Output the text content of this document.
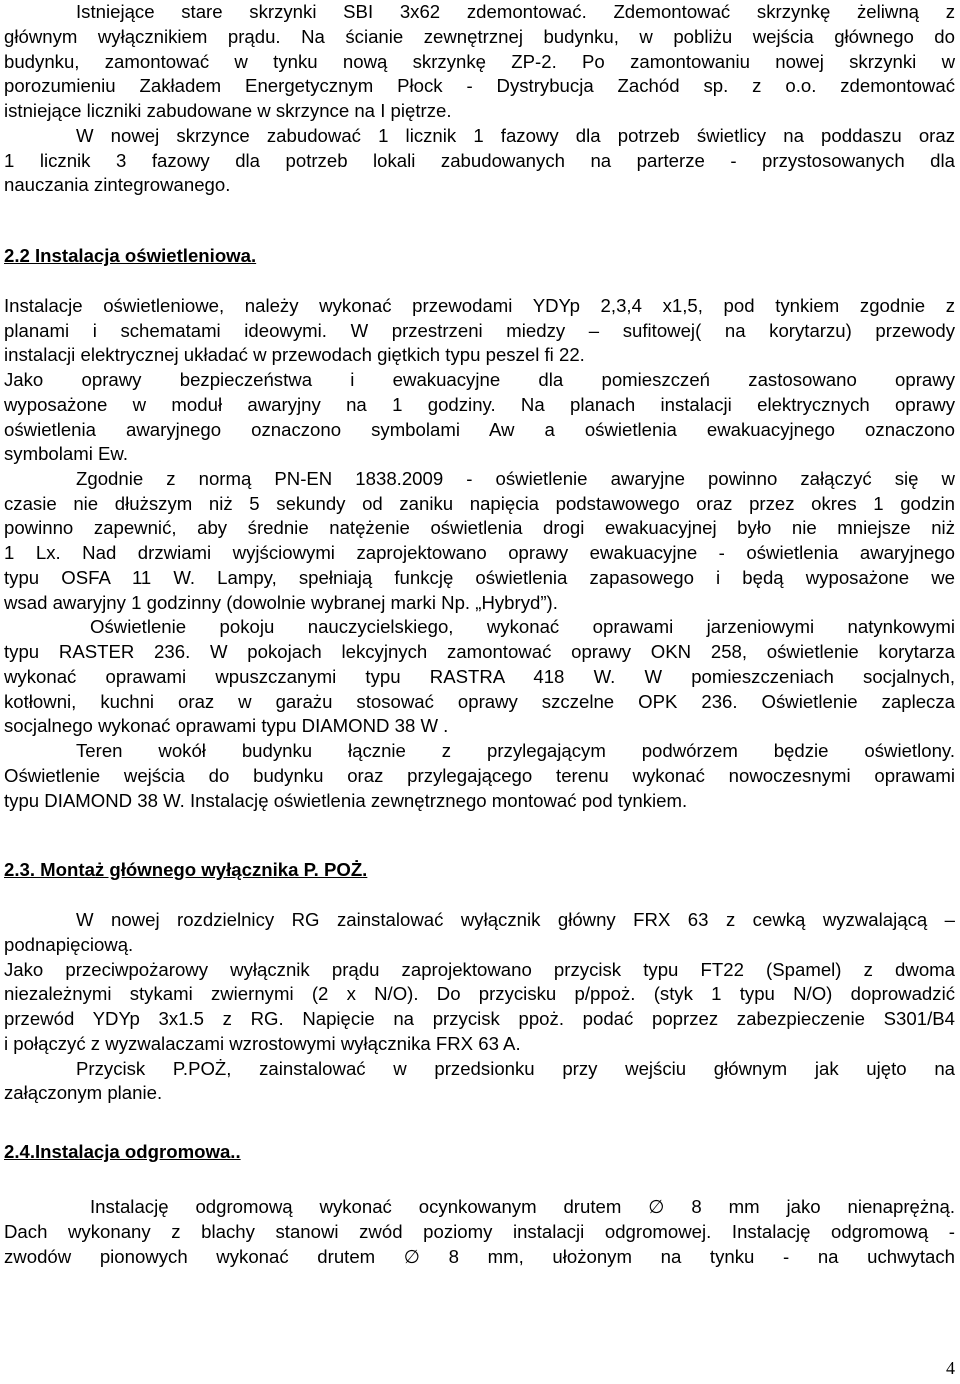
Istniejące stare skrzynki SBI 3x62 zdemontować. Zdemontować skrzynkę żeliwną z
głównym wyłącznikiem prądu. Na ścianie zewnętrznej budynku, w pobliżu wejścia głównego do
budynku, zamontować w tynku nową skrzynkę ZP-2. Po zamontowaniu nowej skrzynki w
porozumieniu Zakładem Energetycznym Płock - Dystrybucja Zachód sp. z o.o. zdemontować
istniejące liczniki zabudowane w skrzynce na I piętrze.
W nowej skrzynce zabudować 1 licznik 1 fazowy dla potrzeb świetlicy na poddaszu oraz
1 licznik 3 fazowy dla potrzeb lokali zabudowanych na parterze - przystosowanych dla
nauczania zintegrowanego.
2.2 Instalacja oświetleniowa.
Instalacje oświetleniowe, należy wykonać przewodami YDYp 2,3,4 x1,5, pod tynkiem zgodnie z
planami i schematami ideowymi. W przestrzeni miedzy – sufitowej( na korytarzu) przewody
instalacji elektrycznej układać w przewodach giętkich typu peszel fi 22.
Jako oprawy bezpieczeństwa i ewakuacyjne dla pomieszczeń zastosowano oprawy
wyposażone w moduł awaryjny na 1 godziny. Na planach instalacji elektrycznych oprawy
oświetlenia awaryjnego oznaczono symbolami Aw a oświetlenia ewakuacyjnego oznaczono
symbolami Ew.
Zgodnie z normą PN-EN 1838.2009 - oświetlenie awaryjne powinno załączyć się w
czasie nie dłuższym niż 5 sekundy od zaniku napięcia podstawowego oraz przez okres 1 godzin
powinno zapewnić, aby średnie natężenie oświetlenia drogi ewakuacyjnej było nie mniejsze niż
1 Lx. Nad drzwiami wyjściowymi zaprojektowano oprawy ewakuacyjne - oświetlenia awaryjnego
typu OSFA 11 W. Lampy, spełniają funkcję oświetlenia zapasowego i będą wyposażone we
wsad awaryjny 1 godzinny (dowolnie wybranej marki Np. „Hybryd”).
Oświetlenie pokoju nauczycielskiego, wykonać oprawami jarzeniowymi natynkowymi
typu RASTER 236. W pokojach lekcyjnych zamontować oprawy OKN 258, oświetlenie korytarza
wykonać oprawami wpuszczanymi typu RASTRA 418 W. W pomieszczeniach socjalnych,
kotłowni, kuchni oraz w garażu stosować oprawy szczelne OPK 236. Oświetlenie zaplecza
socjalnego wykonać oprawami typu DIAMOND 38 W .
Teren wokół budynku łącznie z przylegającym podwórzem będzie oświetlony.
Oświetlenie wejścia do budynku oraz przylegającego terenu wykonać nowoczesnymi oprawami
typu DIAMOND 38 W. Instalację oświetlenia zewnętrznego montować pod tynkiem.
2.3. Montaż głównego wyłącznika P. POŻ.
W nowej rozdzielnicy RG zainstalować wyłącznik główny FRX 63 z cewką wyzwalającą –
podnapięciową.
Jako przeciwpożarowy wyłącznik prądu zaprojektowano przycisk typu FT22 (Spamel) z dwoma
niezależnymi stykami zwiernymi (2 x N/O). Do przycisku p/ppoż. (styk 1 typu N/O) doprowadzić
przewód YDYp 3x1.5 z RG. Napięcie na przycisk ppoż. podać poprzez zabezpieczenie S301/B4
i połączyć z wyzwalaczami wzrostowymi wyłącznika FRX 63 A.
Przycisk P.POŻ, zainstalować w przedsionku przy wejściu głównym jak ujęto na
załączonym planie.
2.4.Instalacja odgromowa..
Instalację odgromową wykonać ocynkowanym drutem ∅ 8 mm jako nienaprężną.
Dach wykonany z blachy stanowi zwód poziomy instalacji odgromowej. Instalację odgromową -
zwodów pionowych wykonać drutem ∅ 8 mm, ułożonym na tynku - na uchwytach
4
